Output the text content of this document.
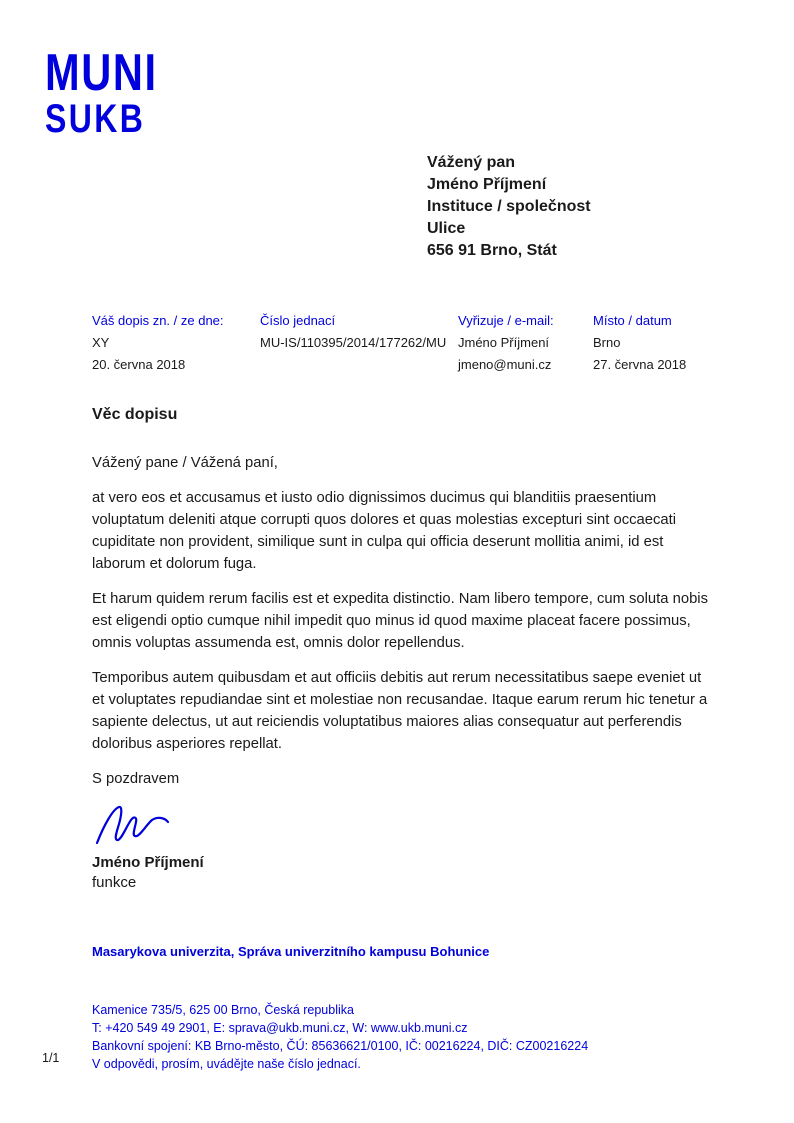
MUNI
SUKB
Vážený pan
Jméno Příjmení
Instituce / společnost
Ulice
656 91 Brno, Stát
Váš dopis zn. / ze dne:
XY
20. června 2018
Číslo jednací
MU-IS/110395/2014/177262/MU
Vyřizuje / e-mail:
Jméno Příjmení
jmeno@muni.cz
Místo / datum
Brno
27. června 2018
Věc dopisu

Vážený pane / Vážená paní,

at vero eos et accusamus et iusto odio dignissimos ducimus qui blanditiis praesentium voluptatum deleniti atque corrupti quos dolores et quas molestias excepturi sint occaecati cupiditate non provident, similique sunt in culpa qui officia deserunt mollitia animi, id est laborum et dolorum fuga.

Et harum quidem rerum facilis est et expedita distinctio. Nam libero tempore, cum soluta nobis est eligendi optio cumque nihil impedit quo minus id quod maxime placeat facere possimus, omnis voluptas assumenda est, omnis dolor repellendus.

Temporibus autem quibusdam et aut officiis debitis aut rerum necessitatibus saepe eveniet ut et voluptates repudiandae sint et molestiae non recusandae. Itaque earum rerum hic tenetur a sapiente delectus, ut aut reiciendis voluptatibus maiores alias consequatur aut perferendis doloribus asperiores repellat.

S pozdravem

Jméno Příjmení
funkce
Masarykova univerzita, Správa univerzitního kampusu Bohunice
Kamenice 735/5, 625 00 Brno, Česká republika
T: +420 549 49 2901, E: sprava@ukb.muni.cz, W: www.ukb.muni.cz
Bankovní spojení: KB Brno-město, ČÚ: 85636621/0100, IČ: 00216224, DIČ: CZ00216224
V odpovědi, prosím, uvádějte naše číslo jednací.
1/1
